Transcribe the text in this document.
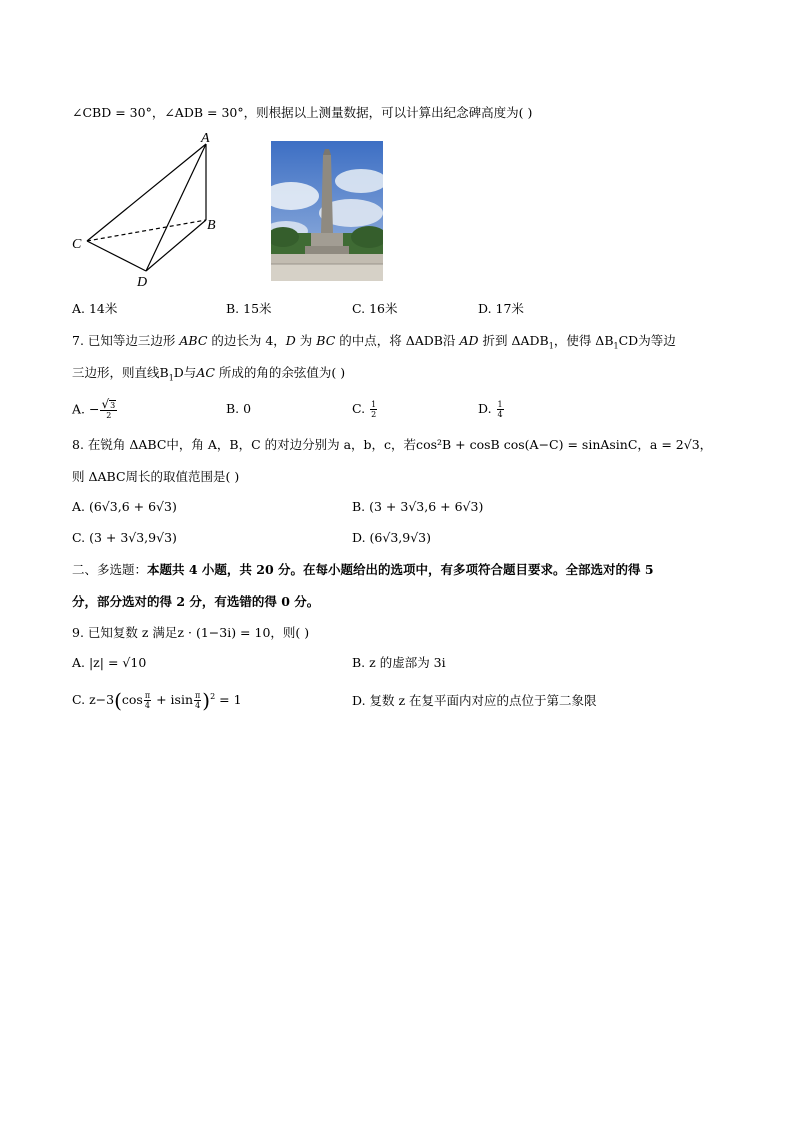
∠CBD = 30°，∠ADB = 30°，则根据以上测量数据，可以计算出纪念碑高度为( )
A
B
C
D
A. 14米	B. 15米	C. 16米	D. 17米
7. 已知等边三边形 ABC 的边长为 4，D 为 BC 的中点，将 ΔADB沿 AD 折到 $\Delta ADB_1$，使得 $\Delta B_1CD$为等边
三边形，则直线$B_1D$与AC 所成的角的余弦值为( )
A. − $\frac{√3}{2}$	B. 0	C. $\frac{1}{2}$	D. $\frac{1}{4}$
8. 在锐角 ΔABC中，角 A，B，C 的对边分别为 a，b，c，若cos²B + cosB cos(A−C) = sinAsinC，a = 2√3，
则 ΔABC周长的取值范围是( )
A. (6√3,6 + 6√3)	B. (3 + 3√3,6 + 6√3)
C. (3 + 3√3,9√3)	D. (6√3,9√3)
二、多选题：本题共 4 小题，共 20 分。在每小题给出的选项中，有多项符合题目要求。全部选对的得 5
分，部分选对的得 2 分，有选错的得 0 分。
9. 已知复数 z 满足z · (1−3i) = 10，则( )
A. |z| = √10	B. z 的虚部为 3i
C. $z-3(\cos \frac{\pi}{4} + isin \frac{\pi}{4} )^2 = 1$	D. 复数 z 在复平面内对应的点位于第二象限
